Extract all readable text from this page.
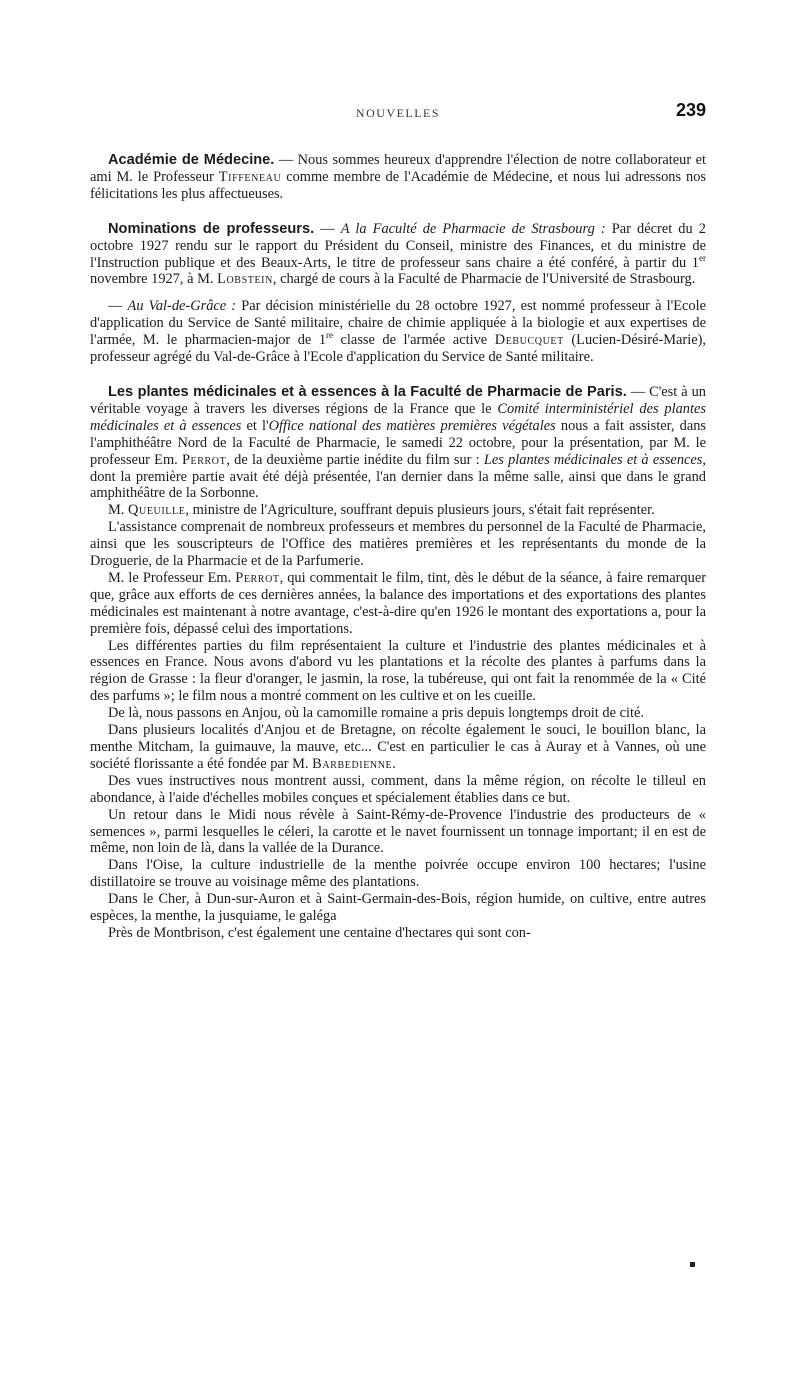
NOUVELLES	239

Académie de Médecine. — Nous sommes heureux d'apprendre l'élection de notre collaborateur et ami M. le Professeur Tiffeneau comme membre de l'Académie de Médecine, et nous lui adressons nos félicitations les plus affectueuses.

Nominations de professeurs. — A la Faculté de Pharmacie de Strasbourg : Par décret du 2 octobre 1927 rendu sur le rapport du Président du Conseil, ministre des Finances, et du ministre de l'Instruction publique et des Beaux-Arts, le titre de professeur sans chaire a été conféré, à partir du 1er novembre 1927, à M. Lobstein, chargé de cours à la Faculté de Pharmacie de l'Université de Strasbourg.

— Au Val-de-Grâce : Par décision ministérielle du 28 octobre 1927, est nommé professeur à l'Ecole d'application du Service de Santé militaire, chaire de chimie appliquée à la biologie et aux expertises de l'armée, M. le pharmacien-major de 1re classe de l'armée active Debucquet (Lucien-Désiré-Marie), professeur agrégé du Val-de-Grâce à l'Ecole d'application du Service de Santé militaire.

Les plantes médicinales et à essences à la Faculté de Pharmacie de Paris. — C'est à un véritable voyage à travers les diverses régions de la France que le Comité interministériel des plantes médicinales et à essences et l'Office national des matières premières végétales nous a fait assister, dans l'amphithéâtre Nord de la Faculté de Pharmacie, le samedi 22 octobre, pour la présentation, par M. le professeur Em. Perrot, de la deuxième partie inédite du film sur : Les plantes médicinales et à essences, dont la première partie avait été déjà présentée, l'an dernier dans la même salle, ainsi que dans le grand amphithéâtre de la Sorbonne.

M. Queuille, ministre de l'Agriculture, souffrant depuis plusieurs jours, s'était fait représenter.

L'assistance comprenait de nombreux professeurs et membres du personnel de la Faculté de Pharmacie, ainsi que les souscripteurs de l'Office des matières premières et les représentants du monde de la Droguerie, de la Pharmacie et de la Parfumerie.

M. le Professeur Em. Perrot, qui commentait le film, tint, dès le début de la séance, à faire remarquer que, grâce aux efforts de ces dernières années, la balance des importations et des exportations des plantes médicinales est maintenant à notre avantage, c'est-à-dire qu'en 1926 le montant des exportations a, pour la première fois, dépassé celui des importations.

Les différentes parties du film représentaient la culture et l'industrie des plantes médicinales et à essences en France. Nous avons d'abord vu les plantations et la récolte des plantes à parfums dans la région de Grasse : la fleur d'oranger, le jasmin, la rose, la tubéreuse, qui ont fait la renommée de la « Cité des parfums »; le film nous a montré comment on les cultive et on les cueille.

De là, nous passons en Anjou, où la camomille romaine a pris depuis longtemps droit de cité.

Dans plusieurs localités d'Anjou et de Bretagne, on récolte également le souci, le bouillon blanc, la menthe Mitcham, la guimauve, la mauve, etc... C'est en particulier le cas à Auray et à Vannes, où une société florissante a été fondée par M. Barbedienne.

Des vues instructives nous montrent aussi, comment, dans la même région, on récolte le tilleul en abondance, à l'aide d'échelles mobiles conçues et spécialement établies dans ce but.

Un retour dans le Midi nous révèle à Saint-Rémy-de-Provence l'industrie des producteurs de « semences », parmi lesquelles le céleri, la carotte et le navet fournissent un tonnage important; il en est de même, non loin de là, dans la vallée de la Durance.

Dans l'Oise, la culture industrielle de la menthe poivrée occupe environ 100 hectares; l'usine distillatoire se trouve au voisinage même des plantations.

Dans le Cher, à Dun-sur-Auron et à Saint-Germain-des-Bois, région humide, on cultive, entre autres espèces, la menthe, la jusquiame, le galéga

Près de Montbrison, c'est également une centaine d'hectares qui sont con-
